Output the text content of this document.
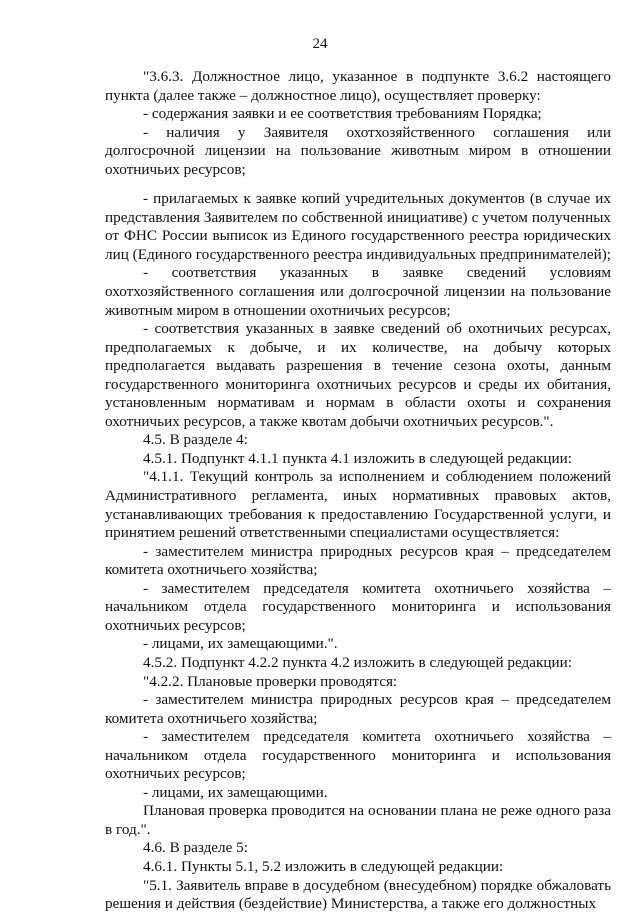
24

"3.6.3. Должностное лицо, указанное в подпункте 3.6.2 настоящего пункта (далее также – должностное лицо), осуществляет проверку:

- содержания заявки и ее соответствия требованиям Порядка;

- наличия у Заявителя охотхозяйственного соглашения или долгосрочной лицензии на пользование животным миром в отношении охотничьих ресурсов;

- прилагаемых к заявке копий учредительных документов (в случае их представления Заявителем по собственной инициативе) с учетом полученных от ФНС России выписок из Единого государственного реестра юридических лиц (Единого государственного реестра индивидуальных предпринимателей);

- соответствия указанных в заявке сведений условиям охотхозяйственного соглашения или долгосрочной лицензии на пользование животным миром в отношении охотничьих ресурсов;

- соответствия указанных в заявке сведений об охотничьих ресурсах, предполагаемых к добыче, и их количестве, на добычу которых предполагается выдавать разрешения в течение сезона охоты, данным государственного мониторинга охотничьих ресурсов и среды их обитания, установленным нормативам и нормам в области охоты и сохранения охотничьих ресурсов, а также квотам добычи охотничьих ресурсов.".

4.5. В разделе 4:

4.5.1. Подпункт 4.1.1 пункта 4.1 изложить в следующей редакции:

"4.1.1. Текущий контроль за исполнением и соблюдением положений Административного регламента, иных нормативных правовых актов, устанавливающих требования к предоставлению Государственной услуги, и принятием решений ответственными специалистами осуществляется:

- заместителем министра природных ресурсов края – председателем комитета охотничьего хозяйства;

- заместителем председателя комитета охотничьего хозяйства – начальником отдела государственного мониторинга и использования охотничьих ресурсов;

- лицами, их замещающими.".

4.5.2. Подпункт 4.2.2 пункта 4.2 изложить в следующей редакции:

"4.2.2. Плановые проверки проводятся:

- заместителем министра природных ресурсов края – председателем комитета охотничьего хозяйства;

- заместителем председателя комитета охотничьего хозяйства – начальником отдела государственного мониторинга и использования охотничьих ресурсов;

- лицами, их замещающими.

Плановая проверка проводится на основании плана не реже одного раза в год.".

4.6. В разделе 5:

4.6.1. Пункты 5.1, 5.2 изложить в следующей редакции:

"5.1. Заявитель вправе в досудебном (внесудебном) порядке обжаловать решения и действия (бездействие) Министерства, а также его должностных
